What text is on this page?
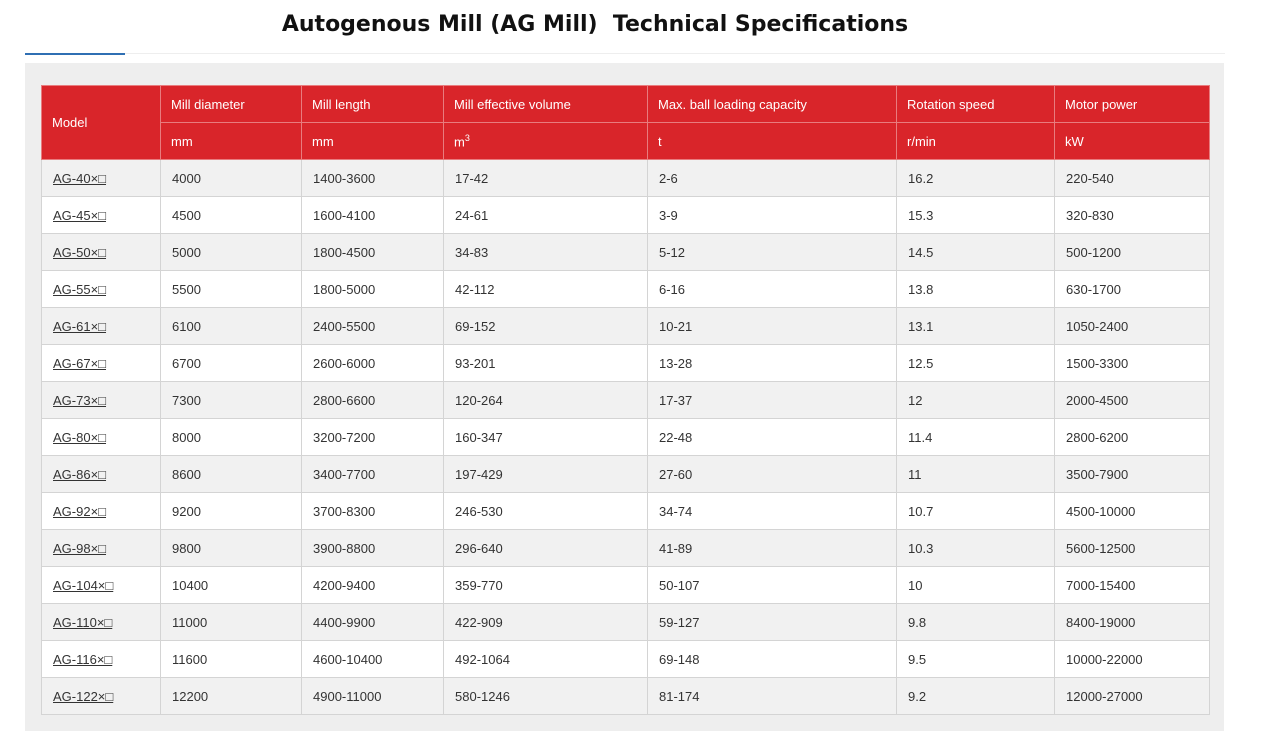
Autogenous Mill (AG Mill)  Technical Specifications
Model	Mill diameter	Mill length	Mill effective volume	Max. ball loading capacity	Rotation speed	Motor power
	mm	mm	$m^3$	t	r/min	kW
AG-40×□	4000	1400-3600	17-42	2-6	16.2	220-540
AG-45×□	4500	1600-4100	24-61	3-9	15.3	320-830
AG-50×□	5000	1800-4500	34-83	5-12	14.5	500-1200
AG-55×□	5500	1800-5000	42-112	6-16	13.8	630-1700
AG-61×□	6100	2400-5500	69-152	10-21	13.1	1050-2400
AG-67×□	6700	2600-6000	93-201	13-28	12.5	1500-3300
AG-73×□	7300	2800-6600	120-264	17-37	12	2000-4500
AG-80×□	8000	3200-7200	160-347	22-48	11.4	2800-6200
AG-86×□	8600	3400-7700	197-429	27-60	11	3500-7900
AG-92×□	9200	3700-8300	246-530	34-74	10.7	4500-10000
AG-98×□	9800	3900-8800	296-640	41-89	10.3	5600-12500
AG-104×□	10400	4200-9400	359-770	50-107	10	7000-15400
AG-110×□	11000	4400-9900	422-909	59-127	9.8	8400-19000
AG-116×□	11600	4600-10400	492-1064	69-148	9.5	10000-22000
AG-122×□	12200	4900-11000	580-1246	81-174	9.2	12000-27000
